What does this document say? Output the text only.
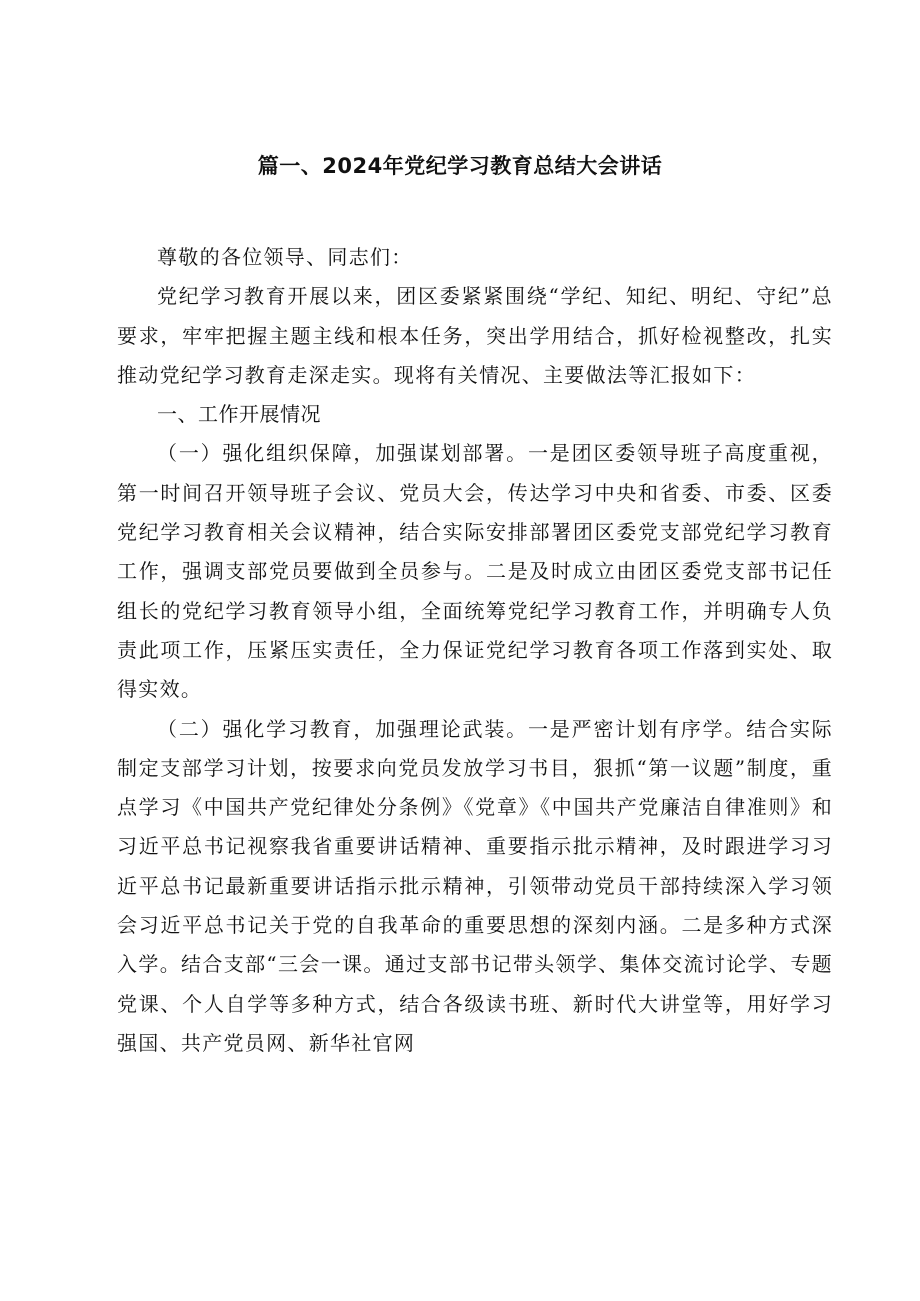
篇一、2024年党纪学习教育总结大会讲话

尊敬的各位领导、同志们：

党纪学习教育开展以来，团区委紧紧围绕“学纪、知纪、明纪、守纪”总要求，牢牢把握主题主线和根本任务，突出学用结合，抓好检视整改，扎实推动党纪学习教育走深走实。现将有关情况、主要做法等汇报如下：

一、工作开展情况

（一）强化组织保障，加强谋划部署。一是团区委领导班子高度重视，第一时间召开领导班子会议、党员大会，传达学习中央和省委、市委、区委党纪学习教育相关会议精神，结合实际安排部署团区委党支部党纪学习教育工作，强调支部党员要做到全员参与。二是及时成立由团区委党支部书记任组长的党纪学习教育领导小组，全面统筹党纪学习教育工作，并明确专人负责此项工作，压紧压实责任，全力保证党纪学习教育各项工作落到实处、取得实效。

（二）强化学习教育，加强理论武装。一是严密计划有序学。结合实际制定支部学习计划，按要求向党员发放学习书目，狠抓“第一议题”制度，重点学习《中国共产党纪律处分条例》《党章》《中国共产党廉洁自律准则》和习近平总书记视察我省重要讲话精神、重要指示批示精神，及时跟进学习习近平总书记最新重要讲话指示批示精神，引领带动党员干部持续深入学习领会习近平总书记关于党的自我革命的重要思想的深刻内涵。二是多种方式深入学。结合支部“三会一课。通过支部书记带头领学、集体交流讨论学、专题党课、个人自学等多种方式，结合各级读书班、新时代大讲堂等，用好学习强国、共产党员网、新华社官网
